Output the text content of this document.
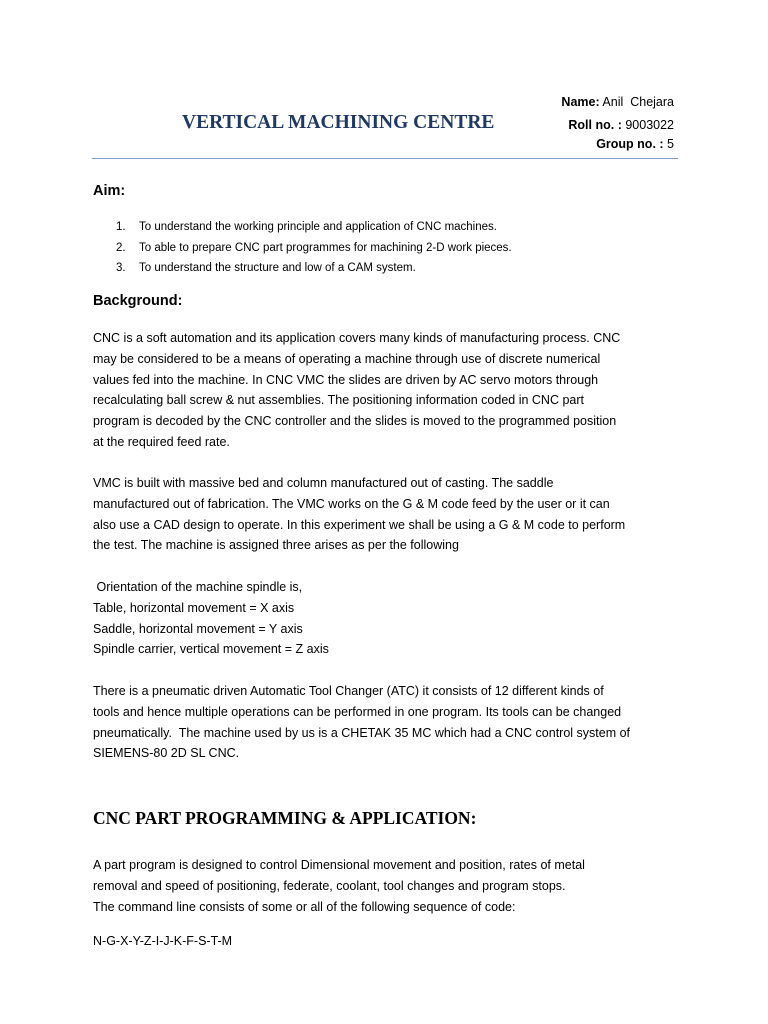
VERTICAL MACHINING CENTRE
Name: Anil  Chejara
Roll no. : 9003022
Group no. : 5
Aim:
1. To understand the working principle and application of CNC machines.
2. To able to prepare CNC part programmes for machining 2-D work pieces.
3. To understand the structure and low of a CAM system.
Background:
CNC is a soft automation and its application covers many kinds of manufacturing process. CNC
may be considered to be a means of operating a machine through use of discrete numerical
values fed into the machine. In CNC VMC the slides are driven by AC servo motors through
recalculating ball screw & nut assemblies. The positioning information coded in CNC part
program is decoded by the CNC controller and the slides is moved to the programmed position
at the required feed rate.
VMC is built with massive bed and column manufactured out of casting. The saddle
manufactured out of fabrication. The VMC works on the G & M code feed by the user or it can
also use a CAD design to operate. In this experiment we shall be using a G & M code to perform
the test. The machine is assigned three arises as per the following
Orientation of the machine spindle is,
Table, horizontal movement = X axis
Saddle, horizontal movement = Y axis
Spindle carrier, vertical movement = Z axis
There is a pneumatic driven Automatic Tool Changer (ATC) it consists of 12 different kinds of
tools and hence multiple operations can be performed in one program. Its tools can be changed
pneumatically.  The machine used by us is a CHETAK 35 MC which had a CNC control system of
SIEMENS-80 2D SL CNC.
CNC PART PROGRAMMING & APPLICATION:
A part program is designed to control Dimensional movement and position, rates of metal
removal and speed of positioning, federate, coolant, tool changes and program stops.
The command line consists of some or all of the following sequence of code:
N-G-X-Y-Z-I-J-K-F-S-T-M
